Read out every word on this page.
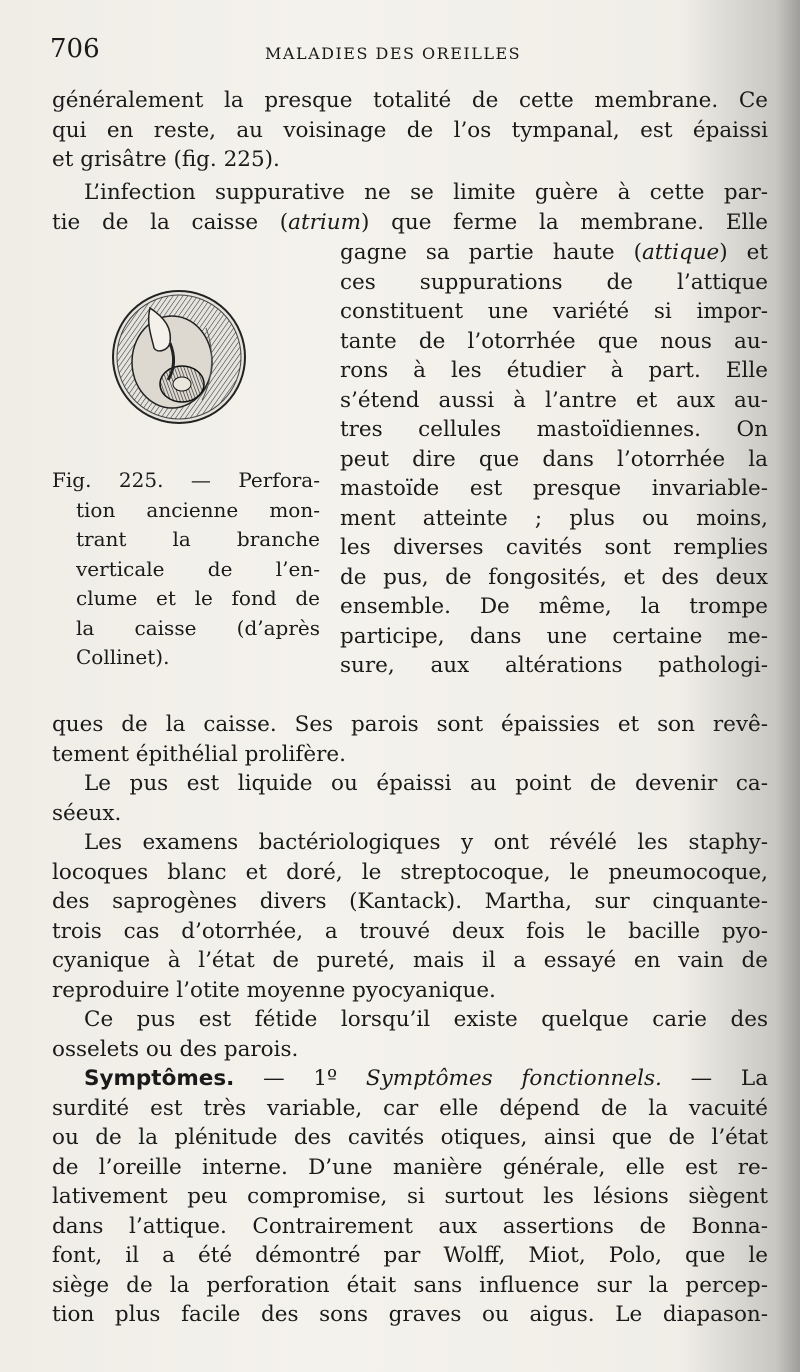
706	MALADIES DES OREILLES
généralement la presque totalité de cette membrane. Ce
qui en reste, au voisinage de l’os tympanal, est épaissi
et grisâtre (fig. 225).
L’infection suppurative ne se limite guère à cette par-
tie de la caisse (atrium) que ferme la membrane. Elle
gagne sa partie haute (attique) et
ces suppurations de l’attique
constituent une variété si impor-
tante de l’otorrhée que nous au-
rons à les étudier à part. Elle
s’étend aussi à l’antre et aux au-
tres cellules mastoïdiennes. On
peut dire que dans l’otorrhée la
mastoïde est presque invariable-
ment atteinte ; plus ou moins,
les diverses cavités sont remplies
de pus, de fongosités, et des deux
ensemble. De même, la trompe
participe, dans une certaine me-
sure, aux altérations pathologi-
Fig. 225. — Perfora-
tion ancienne mon-
trant la branche
verticale de l’en-
clume et le fond de
la caisse (d’après
Collinet).
ques de la caisse. Ses parois sont épaissies et son revê-
tement épithélial prolifère.
Le pus est liquide ou épaissi au point de devenir ca-
séeux.
Les examens bactériologiques y ont révélé les staphy-
locoques blanc et doré, le streptocoque, le pneumocoque,
des saprogènes divers (Kantack). Martha, sur cinquante-
trois cas d’otorrhée, a trouvé deux fois le bacille pyo-
cyanique à l’état de pureté, mais il a essayé en vain de
reproduire l’otite moyenne pyocyanique.
Ce pus est fétide lorsqu’il existe quelque carie des
osselets ou des parois.
Symptômes. — 1º Symptômes fonctionnels. — La
surdité est très variable, car elle dépend de la vacuité
ou de la plénitude des cavités otiques, ainsi que de l’état
de l’oreille interne. D’une manière générale, elle est re-
lativement peu compromise, si surtout les lésions siègent
dans l’attique. Contrairement aux assertions de Bonna-
font, il a été démontré par Wolff, Miot, Polo, que le
siège de la perforation était sans influence sur la percep-
tion plus facile des sons graves ou aigus. Le diapason-
